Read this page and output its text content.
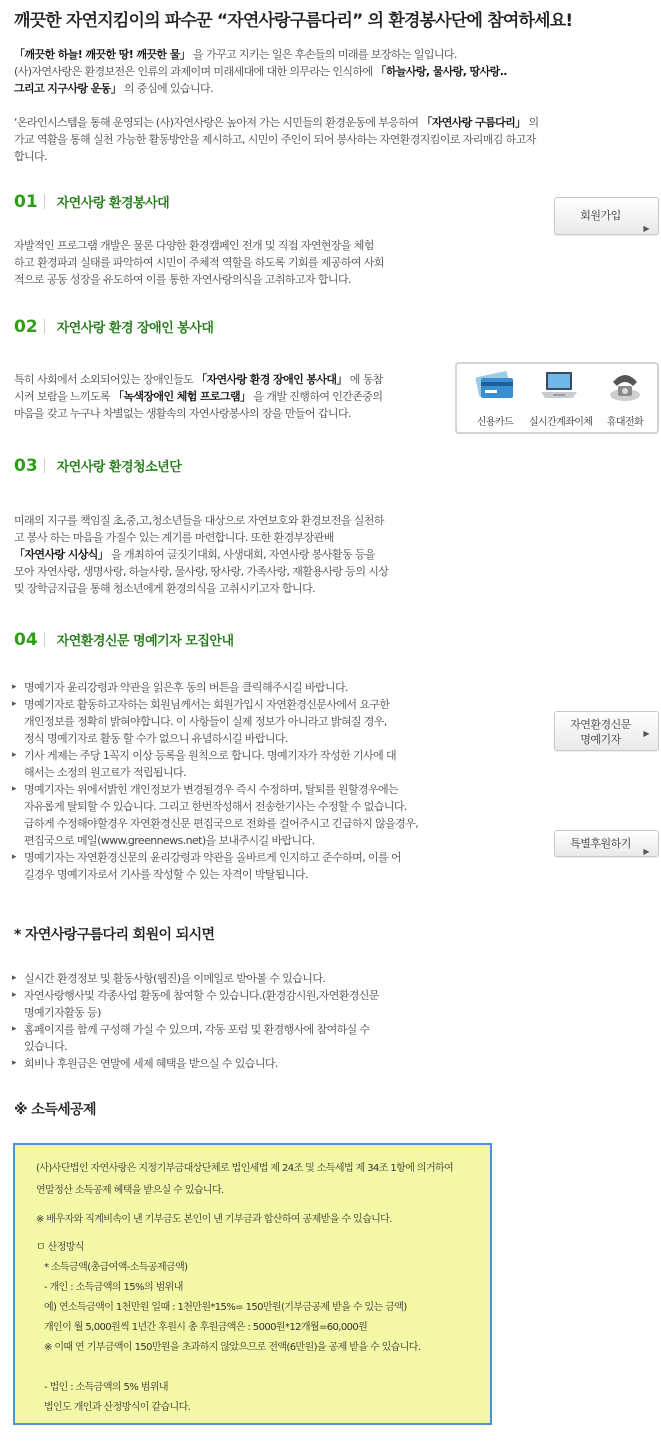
깨끗한 자연지킴이의 파수꾼 “자연사랑구름다리” 의 환경봉사단에 참여하세요!

「깨끗한 하늘! 깨끗한 땅! 깨끗한 물」 을 가꾸고 지키는 일은 후손들의 미래를 보장하는 일입니다.

(사)자연사랑은 환경보전은 인류의 과제이며 미래세대에 대한 의무라는 인식하에 「하늘사랑, 물사랑, 땅사랑..

그리고 지구사랑 운동」 의 중심에 있습니다.

‘온라인시스템을 통해 운영되는 (사)자연사랑은 높아져 가는 시민들의 환경운동에 부응하여 「자연사랑 구름다리」 의

가교 역활을 통해 실천 가능한 활동방안을 제시하고, 시민이 주인이 되어 봉사하는 자연환경지킴이로 자리매김 하고자

합니다.

01 자연사랑 환경봉사대
회원가입
▶

자발적인 프로그램 개발은 물론 다양한 환경캠페인 전개 및 직접 자연현장을 체험

하고 환경파괴 실태를 파악하여 시민이 주체적 역할을 하도록 기회를 제공하여 사회

적으로 공동 성장을 유도하여 이를 통한 자연사랑의식을 고취하고자 합니다.

02 자연사랑 환경 장애인 봉사대

특히 사회에서 소외되어있는 장애인들도 「자연사랑 환경 장애인 봉사대」 에 동참

시켜 보람을 느끼도록 「녹색장애인 체험 프로그램」 을 개발 진행하여 인간존중의

마음을 갖고 누구나 차별없는 생활속의 자연사랑봉사의 장을 만들어 갑니다.

신용카드	실시간계좌이체	휴대전화
03 자연사랑 환경청소년단

미래의 지구를 책임질 초,중,고,청소년들을 대상으로 자연보호와 환경보전을 실천하

고 봉사 하는 마음을 가질수 있는 계기를 마련합니다. 또한 환경부장관배

「자연사랑 시상식」 을 개최하여 글짓기대회, 사생대회, 자연사랑 봉사활동 등을

모아 자연사랑, 생명사랑, 하늘사랑, 물사랑, 땅사랑, 가족사랑, 재활용사랑 등의 시상

및 장학금지급을 통해 청소년에게 환경의식을 고취시키고자 합니다.

04 자연환경신문 명예기자 모집안내
▸ 명예기자 윤리강령과 약관을 읽은후 동의 버튼을 클릭해주시길 바랍니다.
▸ 명예기자로 활동하고자하는 회원님께서는 회원가입시 자연환경신문사에서 요구한
개인정보를 정확히 밝혀야합니다. 이 사항들이 실제 정보가 아니라고 밝혀질 경우,
정식 명예기자로 활동 할 수가 없으니 유념하시길 바랍니다.
▸ 기사 게제는 주당 1꼭지 이상 등록을 원칙으로 합니다. 명예기자가 작성한 기사에 대
해서는 소정의 원고료가 적립됩니다.
▸ 명예기자는 위에서밝힌 개인정보가 변경될경우 즉시 수정하며, 탈퇴를 원할경우에는
자유롭게 탈퇴할 수 있습니다. 그리고 한번작성해서 전송한기사는 수정할 수 없습니다.
급하게 수정해야할경우 자연환경신문 편집국으로 전화를 걸어주시고 긴급하지 않을경우,
편집국으로 메일(www.greennews.net)을 보내주시길 바랍니다.
▸ 명예기자는 자연환경신문의 윤리강령과 약관을 올바르게 인지하고 준수하며, 이를 어
길경우 명예기자로서 기사를 작성할 수 있는 자격이 박탈됩니다.
자연환경신문
명예기자	▶
특별후원하기
▶
* 자연사랑구름다리 회원이 되시면
▸ 실시간 환경정보 및 활동사항(웹진)을 이메일로 받아볼 수 있습니다.
▸ 자연사랑행사및 각종사업 활동에 참여할 수 있습니다.(환경감시원,자연환경신문
명예기자활동 등)
▸ 홈페이지를 함께 구성해 가실 수 있으며, 각동 포럼 및 환경행사에 참여하실 수
있습니다.
▸ 회비나 후원금은 연말에 세제 혜택을 받으실 수 있습니다.
※ 소득세공제

(사)사단법인 자연사랑은 지정기부금대상단체로 법인세법 제 24조 및 소득세법 제 34조 1항에 의거하여

연말정산 소득공제 혜택을 받으실 수 있습니다.

※ 배우자와 직계비속이 낸 기부금도 본인이 낸 기부금과 합산하여 공제받을 수 있습니다.

ㅁ 산정방식

* 소득금액(총급여액-소득공제금액)

- 개인 : 소득금액의 15%의 범위내

예) 연소득금액이 1천만원 일때 : 1천만원*15%= 150만원(기부금공제 받을 수 있는 금액)

개인이 월 5,000원씩 1년간 후원시 총 후원금액은 : 5000원*12개월=60,000원

※ 이때 연 기부금액이 150만원을 초과하지 않았으므로 전액(6만원)을 공제 받을 수 있습니다.

- 법인 : 소득금액의 5% 범위내

법인도 개인과 산정방식이 같습니다.
